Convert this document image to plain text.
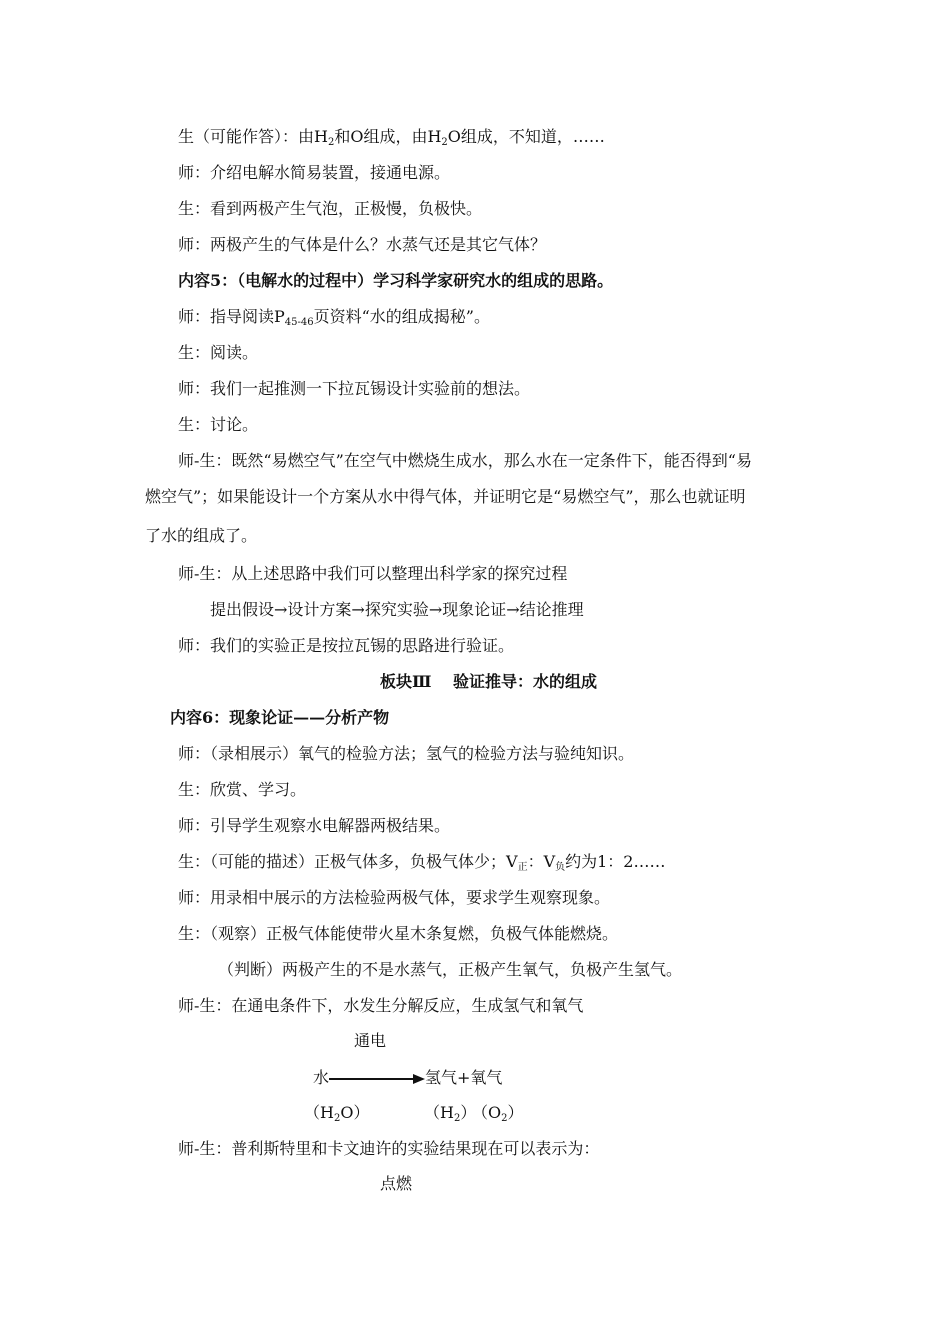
生（可能作答）：由$H_2$和O组成，由$H_2O$组成，不知道，……
师：介绍电解水简易装置，接通电源。
生：看到两极产生气泡，正极慢，负极快。
师：两极产生的气体是什么？水蒸气还是其它气体？
内容5：（电解水的过程中）学习科学家研究水的组成的思路。
师：指导阅读$P_{45-46}$页资料“水的组成揭秘”。
生：阅读。
师：我们一起推测一下拉瓦锡设计实验前的想法。
生：讨论。
师-生：既然“易燃空气”在空气中燃烧生成水，那么水在一定条件下，能否得到“易
燃空气”；如果能设计一个方案从水中得气体，并证明它是“易燃空气”，那么也就证明
了水的组成了。
师-生：从上述思路中我们可以整理出科学家的探究过程
提出假设→设计方案→探究实验→现象论证→结论推理
师：我们的实验正是按拉瓦锡的思路进行验证。
板块Ⅲ　 验证推导：水的组成
内容6：现象论证——分析产物
师：（录相展示）氧气的检验方法；氢气的检验方法与验纯知识。
生：欣赏、学习。
师：引导学生观察水电解器两极结果。
生：（可能的描述）正极气体多，负极气体少；$V_正$：$V_负$约为1：2……
师：用录相中展示的方法检验两极气体，要求学生观察现象。
生：（观察）正极气体能使带火星木条复燃，负极气体能燃烧。
（判断）两极产生的不是水蒸气，正极产生氧气，负极产生氢气。
师-生：在通电条件下，水发生分解反应，生成氢气和氧气
通电
水	氢气+氧气
$(H_2O)$	$(H_2)$
$(O_2)$
师-生：普利斯特里和卡文迪许的实验结果现在可以表示为：
点燃
